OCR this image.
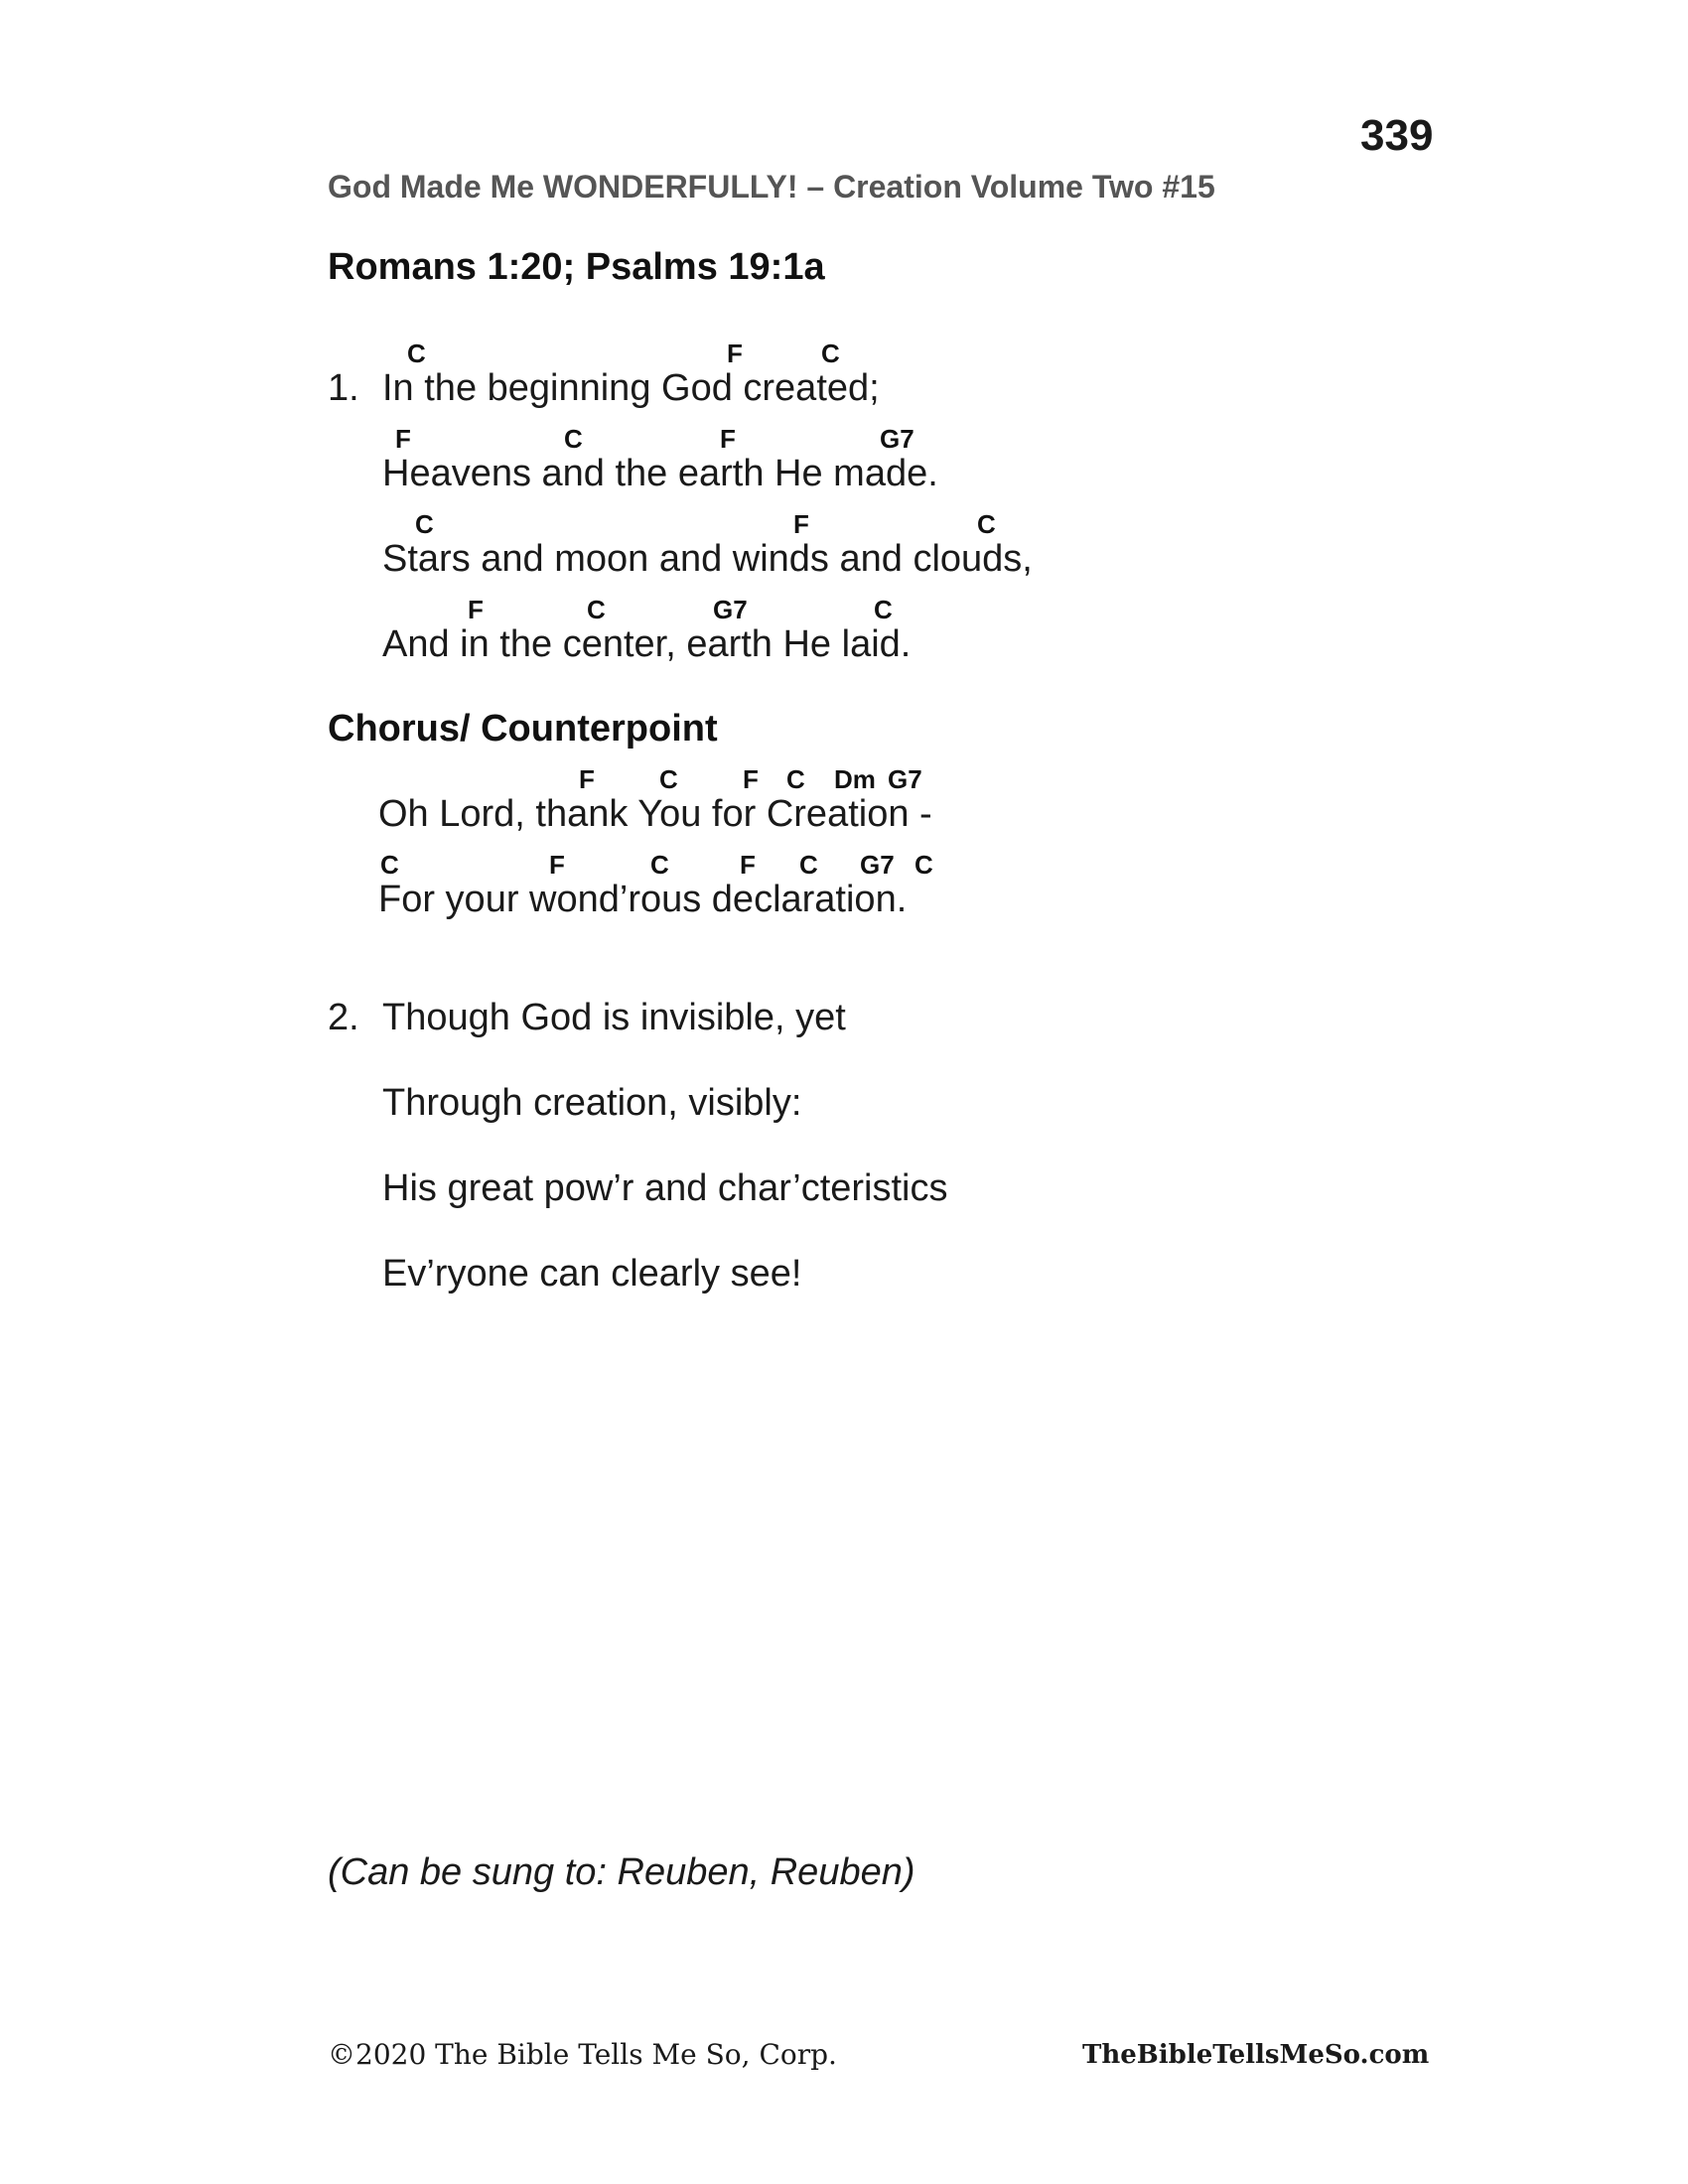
339
God Made Me WONDERFULLY! – Creation Volume Two #15
Romans 1:20; Psalms 19:1a
1.
C	F	C
In the beginning God created;
F	C	F	G7
Heavens and the earth He made.
C	F	C
Stars and moon and winds and clouds,
F	C	G7	C
And in the center, earth He laid.
Chorus/ Counterpoint
F	C	F C Dm G7
Oh Lord, thank You for Creation -
C	F	C	F C G7 C
For your wond’rous declaration.
2. Though God is invisible, yet
Through creation, visibly:
His great pow’r and char’cteristics
Ev’ryone can clearly see!
(Can be sung to: Reuben, Reuben)
©2020 The Bible Tells Me So, Corp.	TheBibleTellsMeSo.com
